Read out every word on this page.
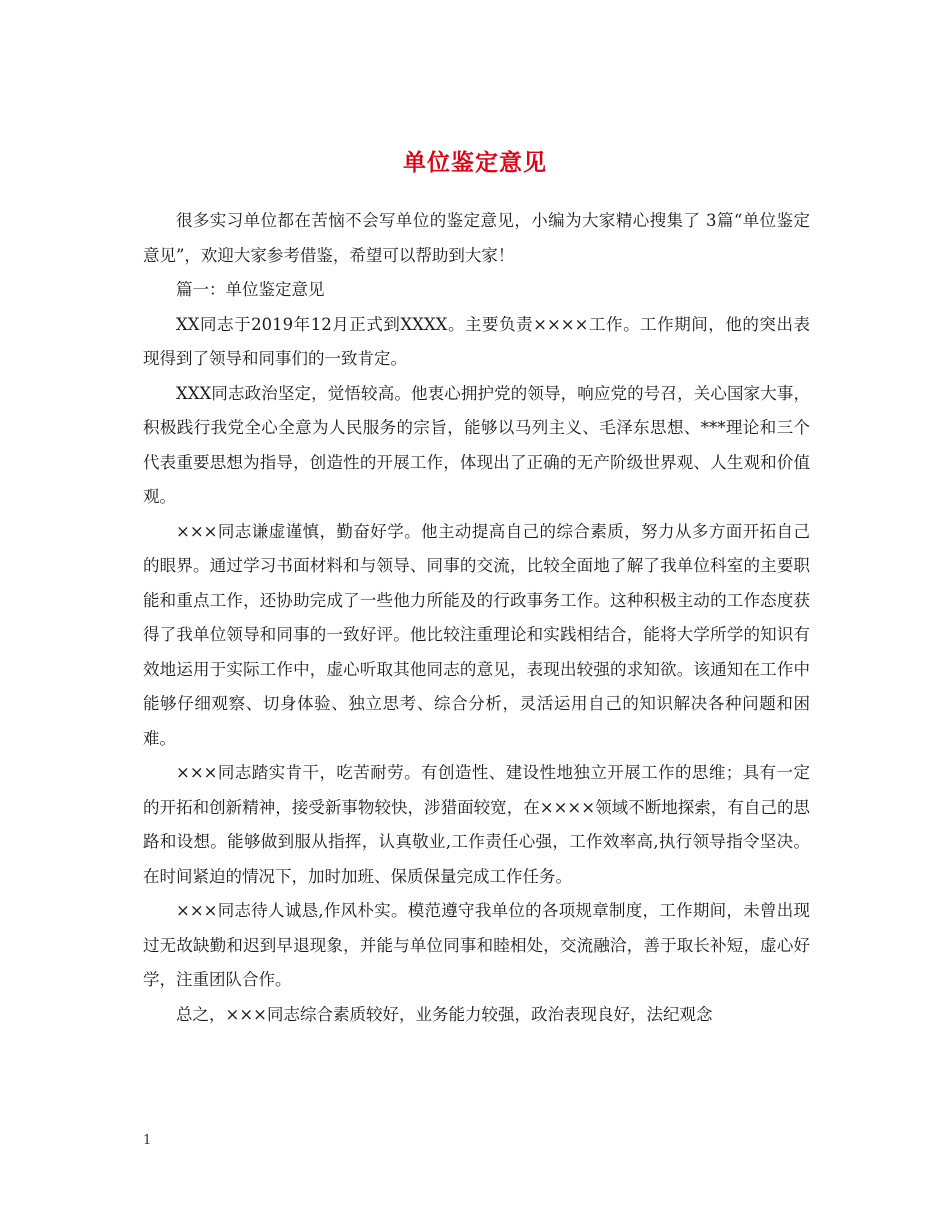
单位鉴定意见

很多实习单位都在苦恼不会写单位的鉴定意见，小编为大家精心搜集了 3篇“单位鉴定意见”，欢迎大家参考借鉴，希望可以帮助到大家！

篇一：单位鉴定意见

XX同志于2019年12月正式到XXXX。主要负责××××工作。工作期间，他的突出表现得到了领导和同事们的一致肯定。

XXX同志政治坚定，觉悟较高。他衷心拥护党的领导，响应党的号召，关心国家大事，积极践行我党全心全意为人民服务的宗旨，能够以马列主义、毛泽东思想、***理论和三个代表重要思想为指导，创造性的开展工作，体现出了正确的无产阶级世界观、人生观和价值观。

×××同志谦虚谨慎，勤奋好学。他主动提高自己的综合素质，努力从多方面开拓自己的眼界。通过学习书面材料和与领导、同事的交流，比较全面地了解了我单位科室的主要职能和重点工作，还协助完成了一些他力所能及的行政事务工作。这种积极主动的工作态度获得了我单位领导和同事的一致好评。他比较注重理论和实践相结合，能将大学所学的知识有效地运用于实际工作中，虚心听取其他同志的意见，表现出较强的求知欲。该通知在工作中能够仔细观察、切身体验、独立思考、综合分析，灵活运用自己的知识解决各种问题和困难。

×××同志踏实肯干，吃苦耐劳。有创造性、建设性地独立开展工作的思维；具有一定的开拓和创新精神，接受新事物较快，涉猎面较宽，在××××领域不断地探索，有自己的思路和设想。能够做到服从指挥，认真敬业,工作责任心强，工作效率高,执行领导指令坚决。在时间紧迫的情况下，加时加班、保质保量完成工作任务。

×××同志待人诚恳,作风朴实。模范遵守我单位的各项规章制度，工作期间，未曾出现过无故缺勤和迟到早退现象，并能与单位同事和睦相处，交流融洽，善于取长补短，虚心好学，注重团队合作。

总之，×××同志综合素质较好，业务能力较强，政治表现良好，法纪观念

1
